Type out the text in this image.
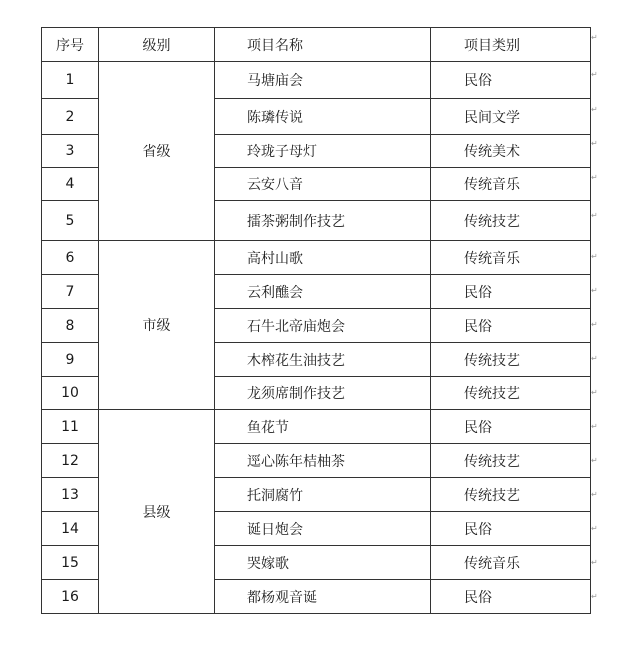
序号	级别	项目名称	项目类别
1	省级	马塘庙会	民俗
2		陈璘传说	民间文学
3		玲珑子母灯	传统美术
4		云安八音	传统音乐
5		擂茶粥制作技艺	传统技艺
6	市级	高村山歌	传统音乐
7		云利醮会	民俗
8		石牛北帝庙炮会	民俗
9		木榨花生油技艺	传统技艺
10		龙须席制作技艺	传统技艺
11	县级	鱼花节	民俗
12		逕心陈年桔柚茶	传统技艺
13		托洞腐竹	传统技艺
14		诞日炮会	民俗
15		哭嫁歌	传统音乐
16		都杨观音诞	民俗
↵
↵
↵
↵
↵
↵
↵
↵
↵
↵
↵
↵
↵
↵
↵
↵
↵
